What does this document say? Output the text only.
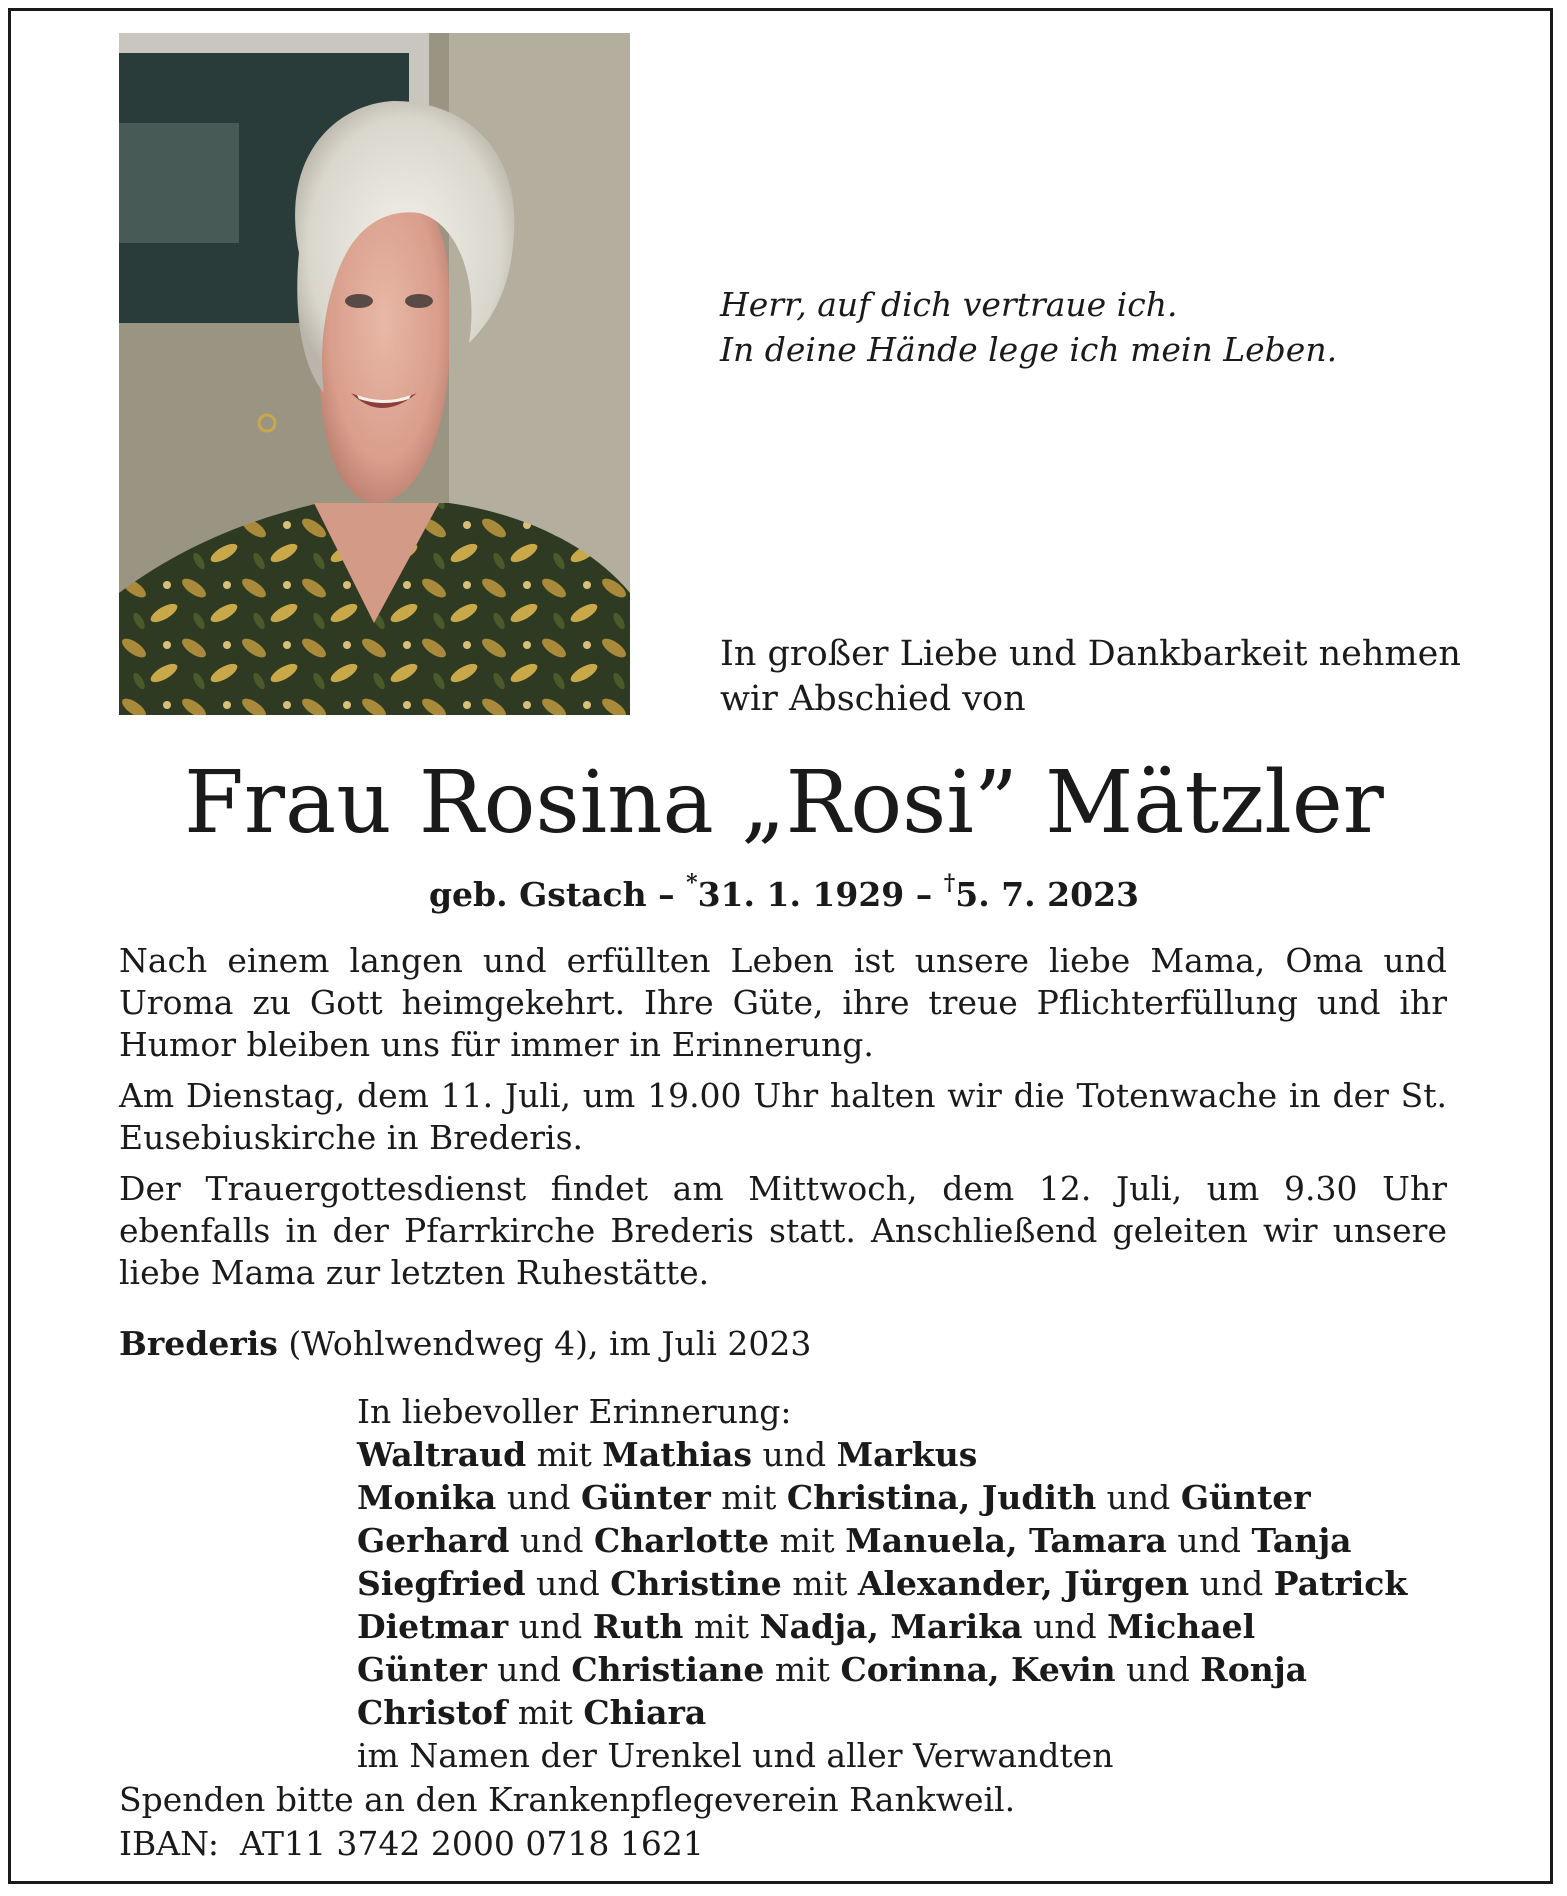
Herr, auf dich vertraue ich.
In deine Hände lege ich mein Leben.
In großer Liebe und Dankbarkeit nehmen
wir Abschied von
Frau Rosina „Rosi” Mätzler
geb. Gstach – *31. 1. 1929 – †5. 7. 2023

Nach einem langen und erfüllten Leben ist unsere liebe Mama, Oma und Uroma zu Gott heimgekehrt. Ihre Güte, ihre treue Pflichterfüllung und ihr Humor bleiben uns für immer in Erinnerung.

Am Dienstag, dem 11. Juli, um 19.00 Uhr halten wir die Totenwache in der St. Eusebiuskirche in Brederis.

Der Trauergottesdienst findet am Mittwoch, dem 12. Juli, um 9.30 Uhr ebenfalls in der Pfarrkirche Brederis statt. Anschließend geleiten wir unsere liebe Mama zur letzten Ruhestätte.

Brederis (Wohlwendweg 4), im Juli 2023
In liebevoller Erinnerung:
Waltraud mit Mathias und Markus
Monika und Günter mit Christina, Judith und Günter
Gerhard und Charlotte mit Manuela, Tamara und Tanja
Siegfried und Christine mit Alexander, Jürgen und Patrick
Dietmar und Ruth mit Nadja, Marika und Michael
Günter und Christiane mit Corinna, Kevin und Ronja
Christof mit Chiara
im Namen der Urenkel und aller Verwandten
Spenden bitte an den Krankenpflegeverein Rankweil.
IBAN:  AT11 3742 2000 0718 1621
